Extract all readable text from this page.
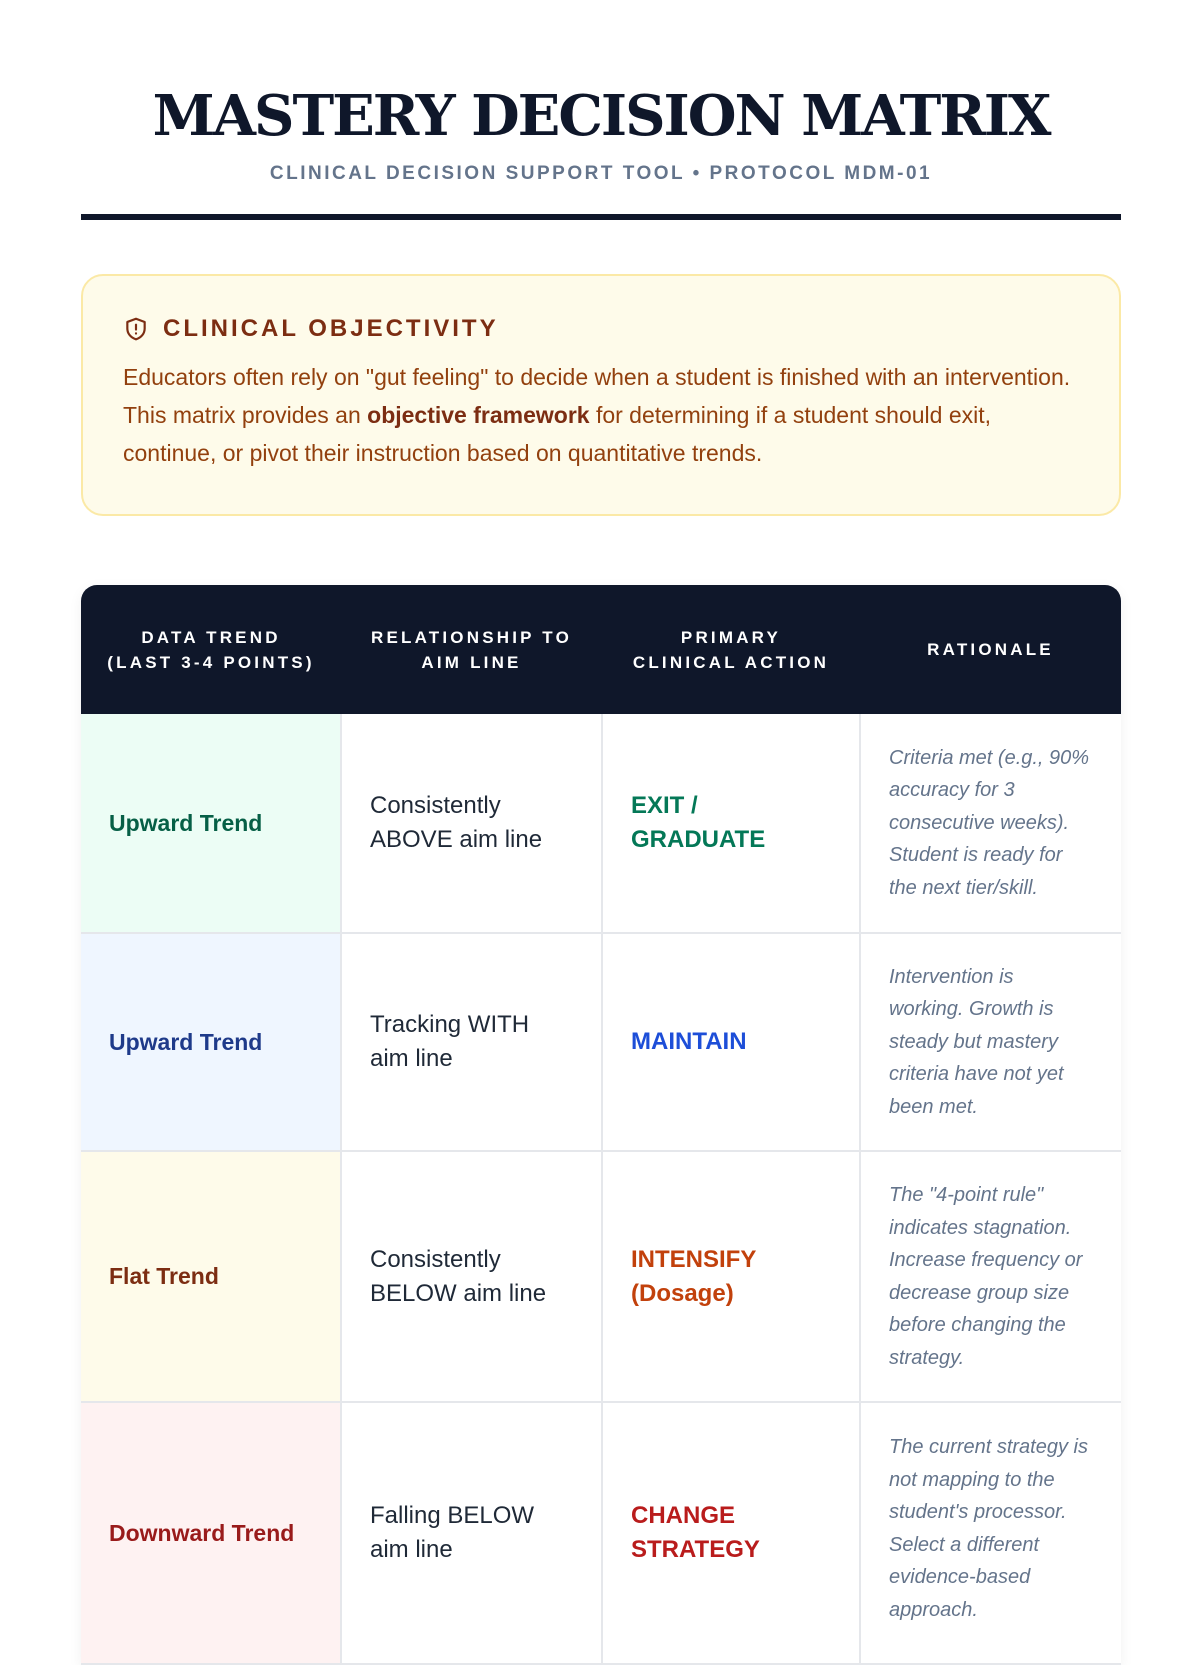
MASTERY DECISION MATRIX
CLINICAL DECISION SUPPORT TOOL • PROTOCOL MDM-01
CLINICAL OBJECTIVITY
Educators often rely on "gut feeling" to decide when a student is finished with an intervention. This matrix provides an objective framework for determining if a student should exit, continue, or pivot their instruction based on quantitative trends.
DATA TREND (LAST 3-4 POINTS)	RELATIONSHIP TO AIM LINE	PRIMARY CLINICAL ACTION	RATIONALE
Upward Trend	Consistently ABOVE aim line	EXIT / GRADUATE	Criteria met (e.g., 90% accuracy for 3 consecutive weeks). Student is ready for the next tier/skill.
Upward Trend	Tracking WITH aim line	MAINTAIN	Intervention is working. Growth is steady but mastery criteria have not yet been met.
Flat Trend	Consistently BELOW aim line	INTENSIFY (Dosage)	The "4-point rule" indicates stagnation. Increase frequency or decrease group size before changing the strategy.
Downward Trend	Falling BELOW aim line	CHANGE STRATEGY	The current strategy is not mapping to the student's processor. Select a different evidence-based approach.
